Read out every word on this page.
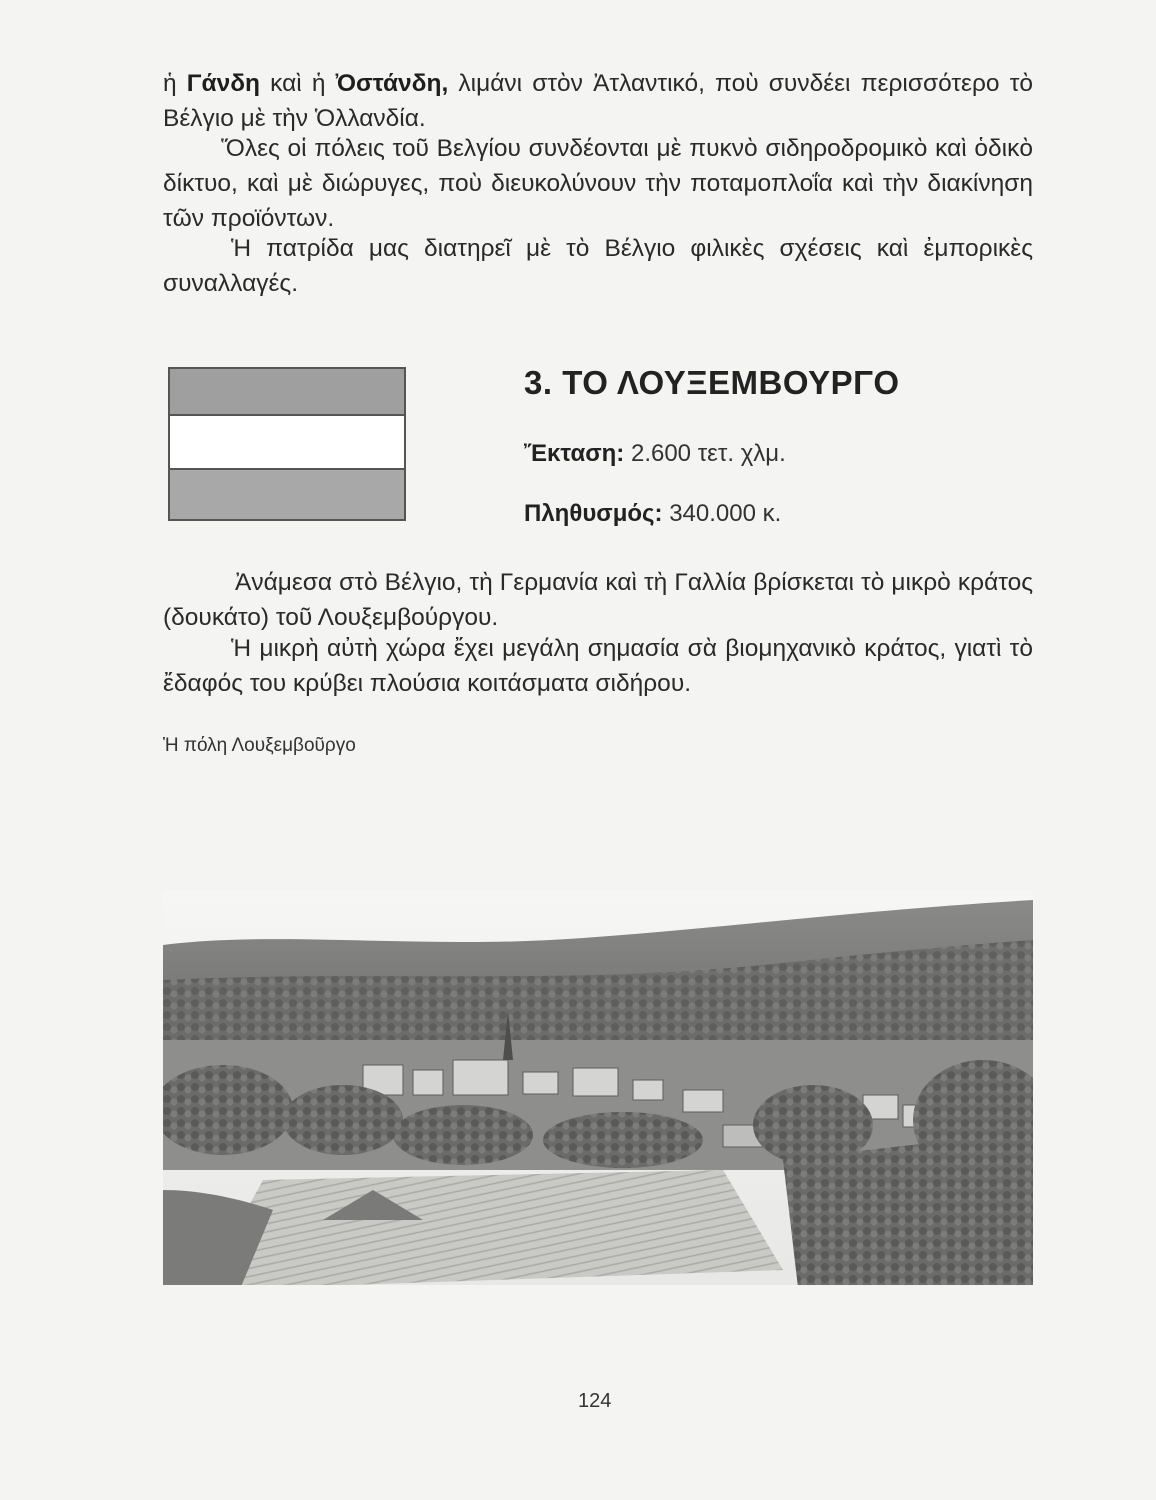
ἡ Γάνδη καὶ ἡ Ὀστάνδη, λιμάνι στὸν Ἀτλαντικό, ποὺ συνδέει περισσότερο τὸ Βέλγιο μὲ τὴν Ὁλλανδία.

Ὅλες οἱ πόλεις τοῦ Βελγίου συνδέονται μὲ πυκνὸ σιδηροδρομικὸ καὶ ὁδικὸ δίκτυο, καὶ μὲ διώρυγες, ποὺ διευκολύνουν τὴν ποταμοπλοΐα καὶ τὴν διακίνηση τῶν προϊόντων.

Ἡ πατρίδα μας διατηρεῖ μὲ τὸ Βέλγιο φιλικὲς σχέσεις καὶ ἐμπορικὲς συναλλαγές.

3. ΤΟ ΛΟΥΞΕΜΒΟΥΡΓΟ
Ἔκταση: 2.600 τετ. χλμ.
Πληθυσμός: 340.000 κ.

Ἀνάμεσα στὸ Βέλγιο, τὴ Γερμανία καὶ τὴ Γαλλία βρίσκεται τὸ μικρὸ κράτος (δουκάτο) τοῦ Λουξεμβούργου.

Ἡ μικρὴ αὐτὴ χώρα ἔχει μεγάλη σημασία σὰ βιομηχανικὸ κράτος, γιατὶ τὸ ἔδαφός του κρύβει πλούσια κοιτάσματα σιδήρου.

Ἡ πόλη Λουξεμβοῦργο
124
